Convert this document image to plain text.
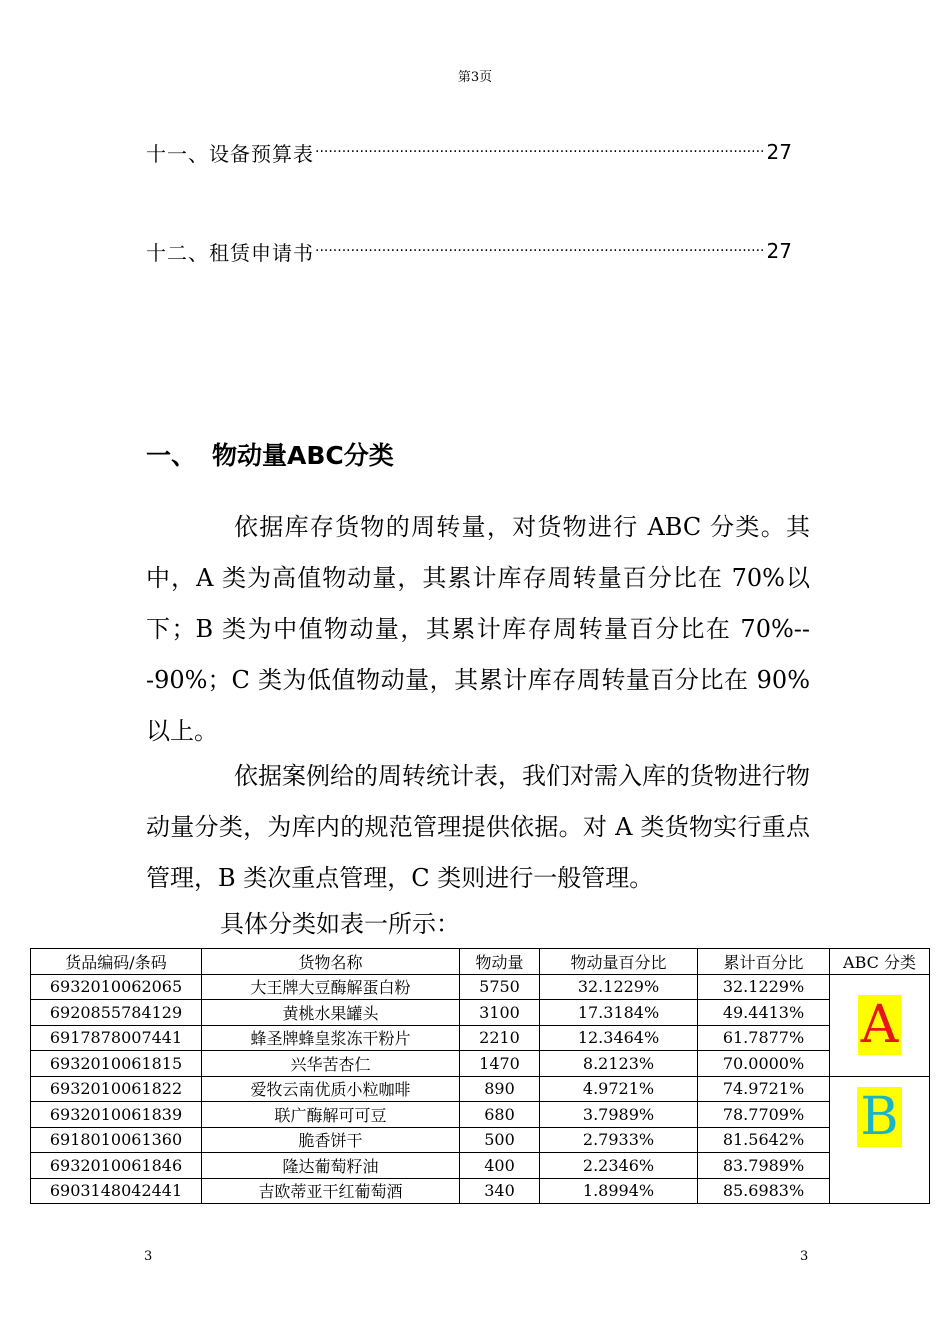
第3页
十一、设备预算表 ·····	27
十二、租赁申请书 ·····	27
一、 物动量ABC分类
依据库存货物的周转量，对货物进行 ABC 分类。其中，A 类为高值物动量，其累计库存周转量百分比在 70%以下；B 类为中值物动量，其累计库存周转量百分比在 70%---90%；C 类为低值物动量，其累计库存周转量百分比在 90%以上。
依据案例给的周转统计表，我们对需入库的货物进行物动量分类，为库内的规范管理提供依据。对 A 类货物实行重点管理，B 类次重点管理，C 类则进行一般管理。
具体分类如表一所示：
货品编码/条码	货物名称	物动量	物动量百分比	累计百分比	ABC 分类
6932010062065	大王牌大豆酶解蛋白粉	5750	32.1229%	32.1229%	A
6920855784129	黄桃水果罐头	3100	17.3184%	49.4413%	
6917878007441	蜂圣牌蜂皇浆冻干粉片	2210	12.3464%	61.7877%	
6932010061815	兴华苦杏仁	1470	8.2123%	70.0000%	
6932010061822	爱牧云南优质小粒咖啡	890	4.9721%	74.9721%	B
6932010061839	联广酶解可可豆	680	3.7989%	78.7709%	
6918010061360	脆香饼干	500	2.7933%	81.5642%	
6932010061846	隆达葡萄籽油	400	2.2346%	83.7989%	
6903148042441	吉欧蒂亚干红葡萄酒	340	1.8994%	85.6983%	
3	3
